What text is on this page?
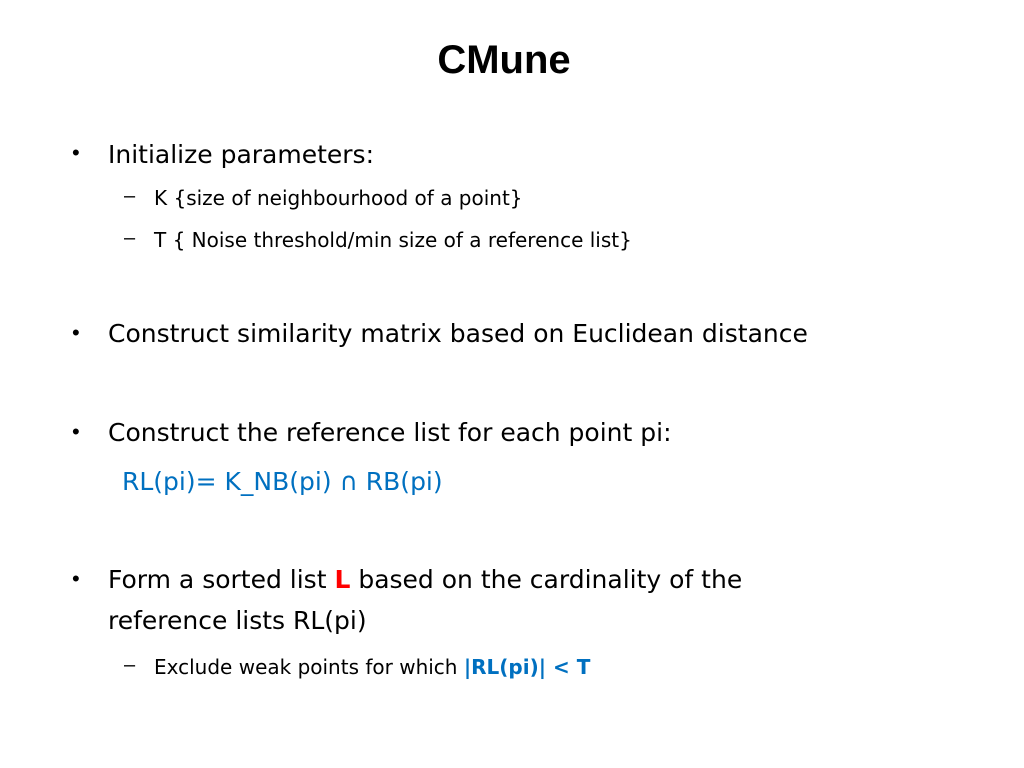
CMune
• Initialize parameters:
– K {size of neighbourhood of a point}
– T { Noise threshold/min size of a reference list}
• Construct similarity matrix based on Euclidean distance
• Construct the reference list for each point pi:
RL(pi)= K_NB(pi) ∩ RB(pi)
• Form a sorted list L based on the cardinality of the
reference lists RL(pi)
– Exclude weak points for which |RL(pi)| < T
